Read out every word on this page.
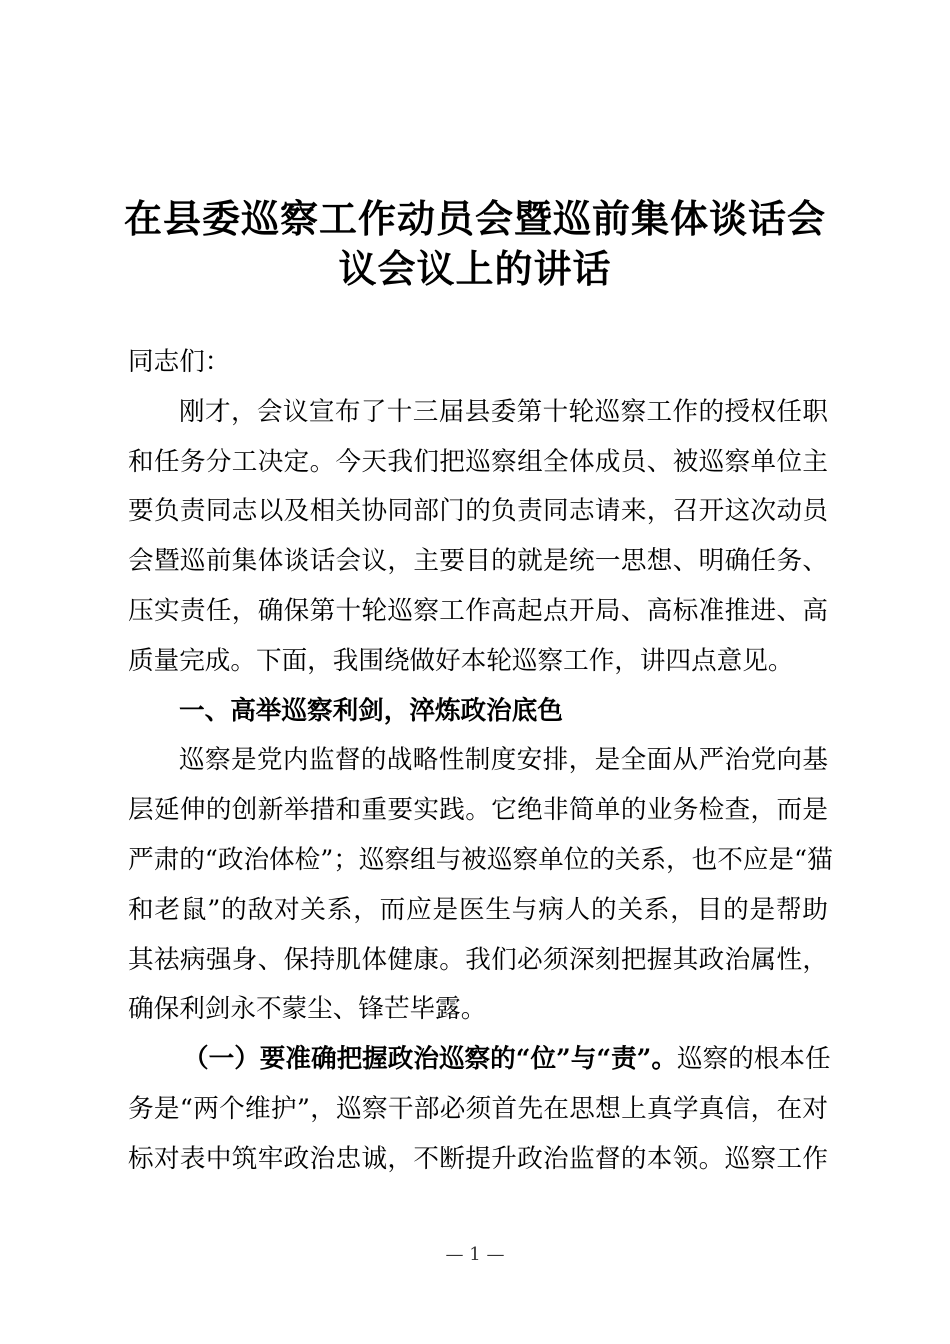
在县委巡察工作动员会暨巡前集体谈话会
议会议上的讲话
同志们：
刚才，会议宣布了十三届县委第十轮巡察工作的授权任职
和任务分工决定。今天我们把巡察组全体成员、被巡察单位主
要负责同志以及相关协同部门的负责同志请来，召开这次动员
会暨巡前集体谈话会议，主要目的就是统一思想、明确任务、
压实责任，确保第十轮巡察工作高起点开局、高标准推进、高
质量完成。下面，我围绕做好本轮巡察工作，讲四点意见。
一、高举巡察利剑，淬炼政治底色
巡察是党内监督的战略性制度安排，是全面从严治党向基
层延伸的创新举措和重要实践。它绝非简单的业务检查，而是
严肃的“政治体检”；巡察组与被巡察单位的关系，也不应是“猫
和老鼠”的敌对关系，而应是医生与病人的关系，目的是帮助
其祛病强身、保持肌体健康。我们必须深刻把握其政治属性，
确保利剑永不蒙尘、锋芒毕露。
（一）要准确把握政治巡察的“位”与“责”。巡察的根本任
务是“两个维护”，巡察干部必须首先在思想上真学真信，在对
标对表中筑牢政治忠诚，不断提升政治监督的本领。巡察工作
— 1 —
